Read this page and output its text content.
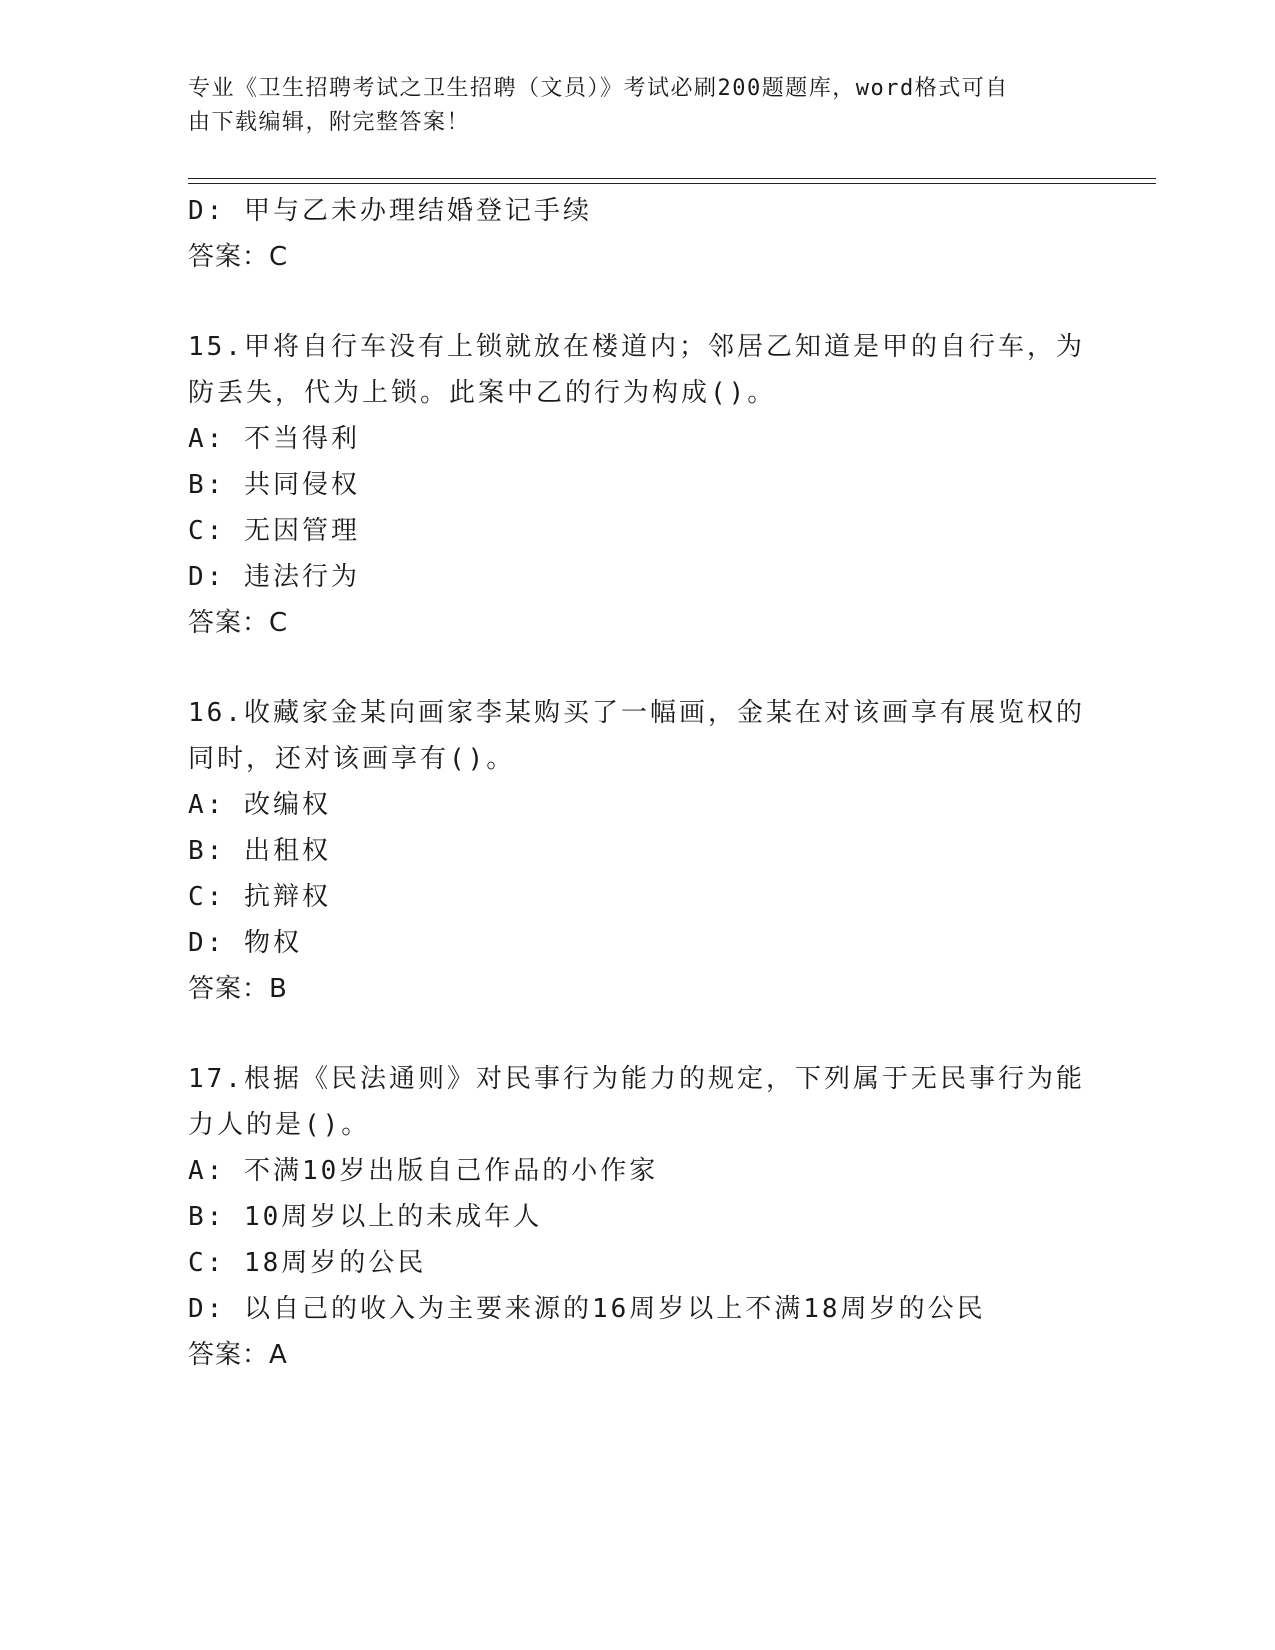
专业《卫生招聘考试之卫生招聘（文员）》考试必刷200题题库，word格式可自
由下载编辑，附完整答案！
D: 甲与乙未办理结婚登记手续
答案：C
15.甲将自行车没有上锁就放在楼道内；邻居乙知道是甲的自行车，为
防丢失，代为上锁。此案中乙的行为构成()。
A: 不当得利
B: 共同侵权
C: 无因管理
D: 违法行为
答案：C
16.收藏家金某向画家李某购买了一幅画，金某在对该画享有展览权的
同时，还对该画享有()。
A: 改编权
B: 出租权
C: 抗辩权
D: 物权
答案：B
17.根据《民法通则》对民事行为能力的规定，下列属于无民事行为能
力人的是()。
A: 不满10岁出版自己作品的小作家
B: 10周岁以上的未成年人
C: 18周岁的公民
D: 以自己的收入为主要来源的16周岁以上不满18周岁的公民
答案：A
